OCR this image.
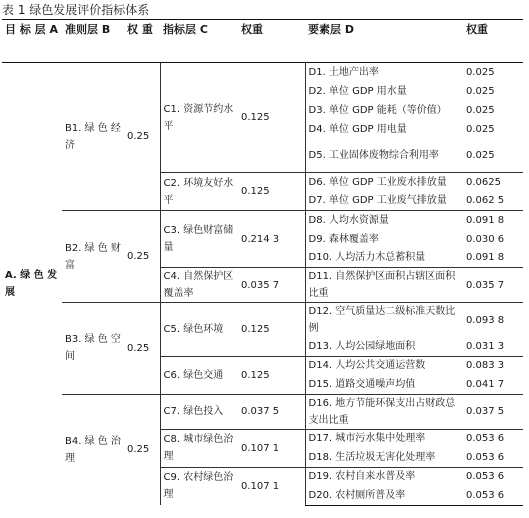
表 1 绿色发展评价指标体系
目 标 层 A	准则层 B	权 重	指标层 C	权重	要素层 D	权重
A. 绿 色 发展	B1. 绿 色 经济	0.25	C1. 资源节约水平	0.125	D1. 土地产出率	0.025
					D2. 单位 GDP 用水量	0.025
					D3. 单位 GDP 能耗（等价值）	0.025
					D4. 单位 GDP 用电量	0.025
					D5. 工业固体废物综合利用率	0.025
			C2. 环境友好水平	0.125	D6. 单位 GDP 工业废水排放量	0.0625
					D7. 单位 GDP 工业废气排放量	0.062 5
	B2. 绿 色 财富	0.25	C3. 绿色财富储量	0.214 3	D8. 人均水资源量	0.091 8
					D9. 森林覆盖率	0.030 6
					D10. 人均活力木总蓄积量	0.091 8
			C4. 自然保护区覆盖率	0.035 7	D11. 自然保护区面积占辖区面积比重	0.035 7
	B3. 绿 色 空间	0.25	C5. 绿色环境	0.125	D12. 空气质量达二级标准天数比例	0.093 8
					D13. 人均公园绿地面积	0.031 3
			C6. 绿色交通	0.125	D14. 人均公共交通运营数	0.083 3
					D15. 道路交通噪声均值	0.041 7
	B4. 绿 色 治理	0.25	C7. 绿色投入	0.037 5	D16. 地方节能环保支出占财政总支出比重	0.037 5
			C8. 城市绿色治理	0.107 1	D17. 城市污水集中处理率	0.053 6
					D18. 生活垃圾无害化处理率	0.053 6
			C9. 农村绿色治理	0.107 1	D19. 农村自来水普及率	0.053 6
					D20. 农村厕所普及率	0.053 6
